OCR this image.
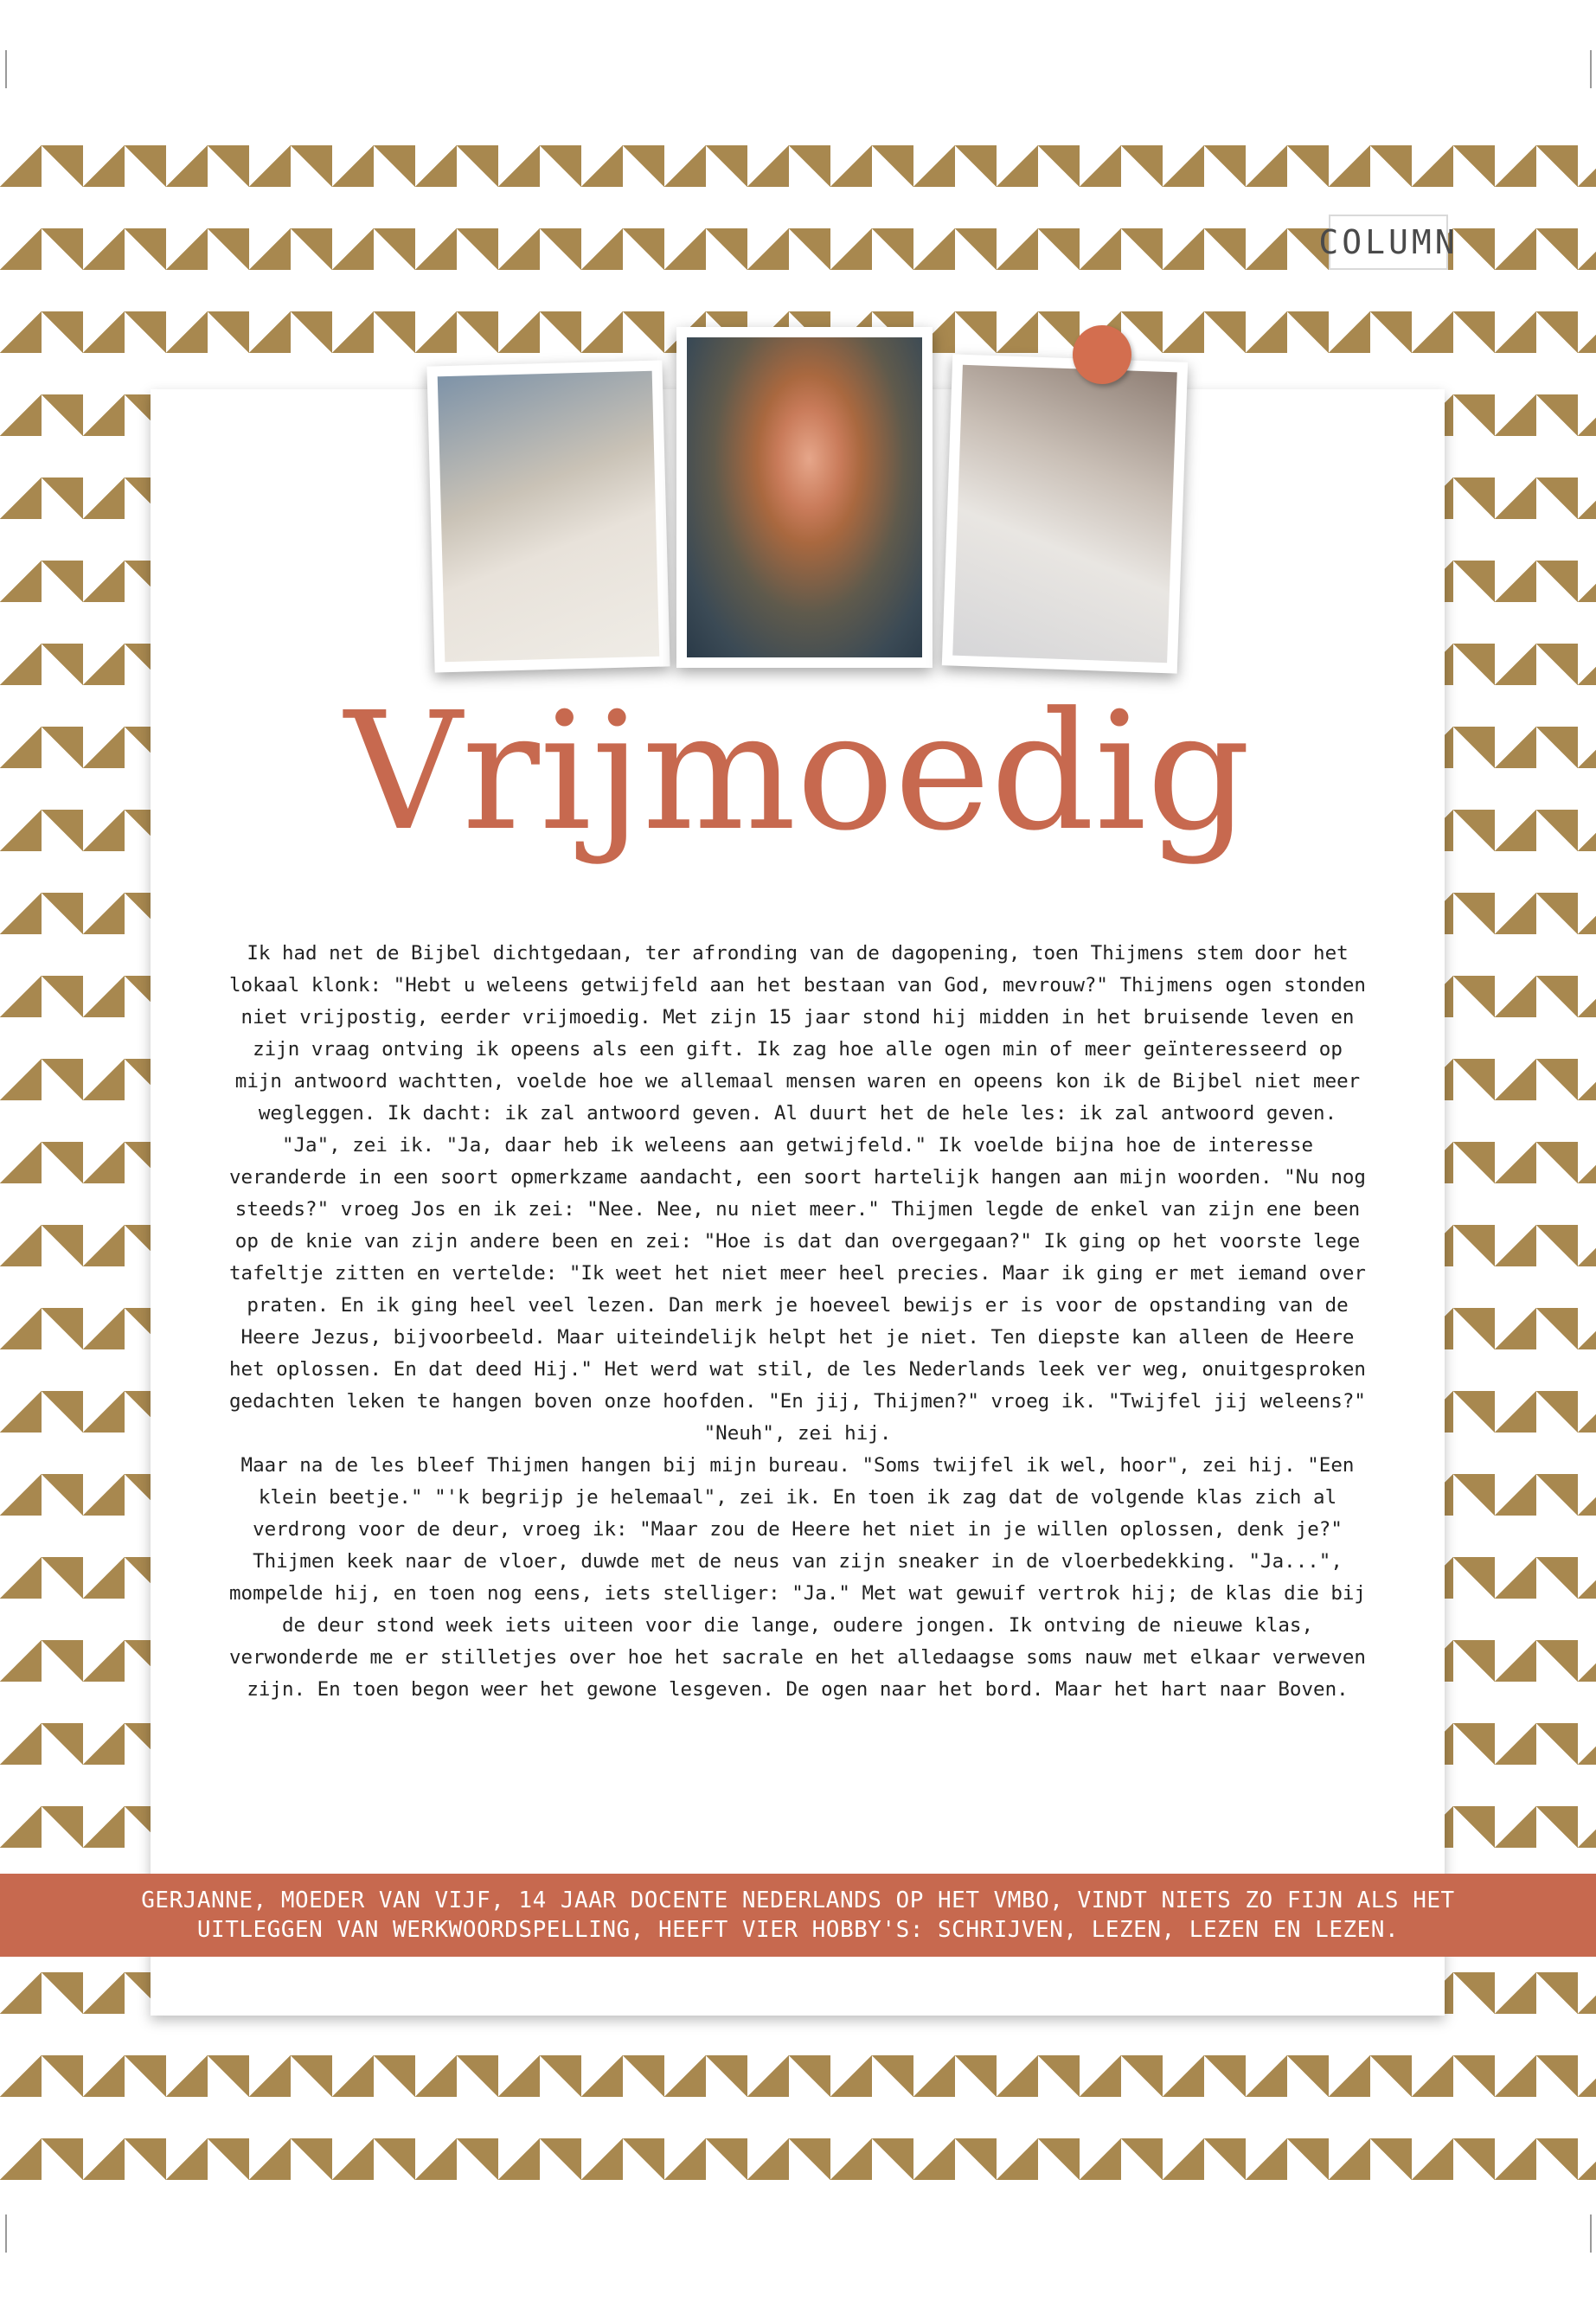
COLUMN
Vrijmoedig

Ik had net de Bijbel dichtgedaan, ter afronding van de dagopening, toen Thijmens stem door het lokaal klonk: "Hebt u weleens getwijfeld aan het bestaan van God, mevrouw?" Thijmens ogen stonden niet vrijpostig, eerder vrijmoedig. Met zijn 15 jaar stond hij midden in het bruisende leven en zijn vraag ontving ik opeens als een gift. Ik zag hoe alle ogen min of meer geïnteresseerd op mijn antwoord wachtten, voelde hoe we allemaal mensen waren en opeens kon ik de Bijbel niet meer wegleggen. Ik dacht: ik zal antwoord geven. Al duurt het de hele les: ik zal antwoord geven.

"Ja", zei ik. "Ja, daar heb ik weleens aan getwijfeld." Ik voelde bijna hoe de interesse veranderde in een soort opmerkzame aandacht, een soort hartelijk hangen aan mijn woorden. "Nu nog steeds?" vroeg Jos en ik zei: "Nee. Nee, nu niet meer." Thijmen legde de enkel van zijn ene been op de knie van zijn andere been en zei: "Hoe is dat dan overgegaan?" Ik ging op het voorste lege tafeltje zitten en vertelde: "Ik weet het niet meer heel precies. Maar ik ging er met iemand over praten. En ik ging heel veel lezen. Dan merk je hoeveel bewijs er is voor de opstanding van de Heere Jezus, bijvoorbeeld. Maar uiteindelijk helpt het je niet. Ten diepste kan alleen de Heere het oplossen. En dat deed Hij." Het werd wat stil, de les Nederlands leek ver weg, onuitgesproken gedachten leken te hangen boven onze hoofden. "En jij, Thijmen?" vroeg ik. "Twijfel jij weleens?" "Neuh", zei hij.

Maar na de les bleef Thijmen hangen bij mijn bureau. "Soms twijfel ik wel, hoor", zei hij. "Een klein beetje." "'k begrijp je helemaal", zei ik. En toen ik zag dat de volgende klas zich al verdrong voor de deur, vroeg ik: "Maar zou de Heere het niet in je willen oplossen, denk je?" Thijmen keek naar de vloer, duwde met de neus van zijn sneaker in de vloerbedekking. "Ja...", mompelde hij, en toen nog eens, iets stelliger: "Ja." Met wat gewuif vertrok hij; de klas die bij de deur stond week iets uiteen voor die lange, oudere jongen. Ik ontving de nieuwe klas, verwonderde me er stilletjes over hoe het sacrale en het alledaagse soms nauw met elkaar verweven zijn. En toen begon weer het gewone lesgeven. De ogen naar het bord. Maar het hart naar Boven.

GERJANNE, MOEDER VAN VIJF, 14 JAAR DOCENTE NEDERLANDS OP HET VMBO, VINDT NIETS ZO FIJN ALS HET UITLEGGEN VAN WERKWOORDSPELLING, HEEFT VIER HOBBY'S: SCHRIJVEN, LEZEN, LEZEN EN LEZEN.
